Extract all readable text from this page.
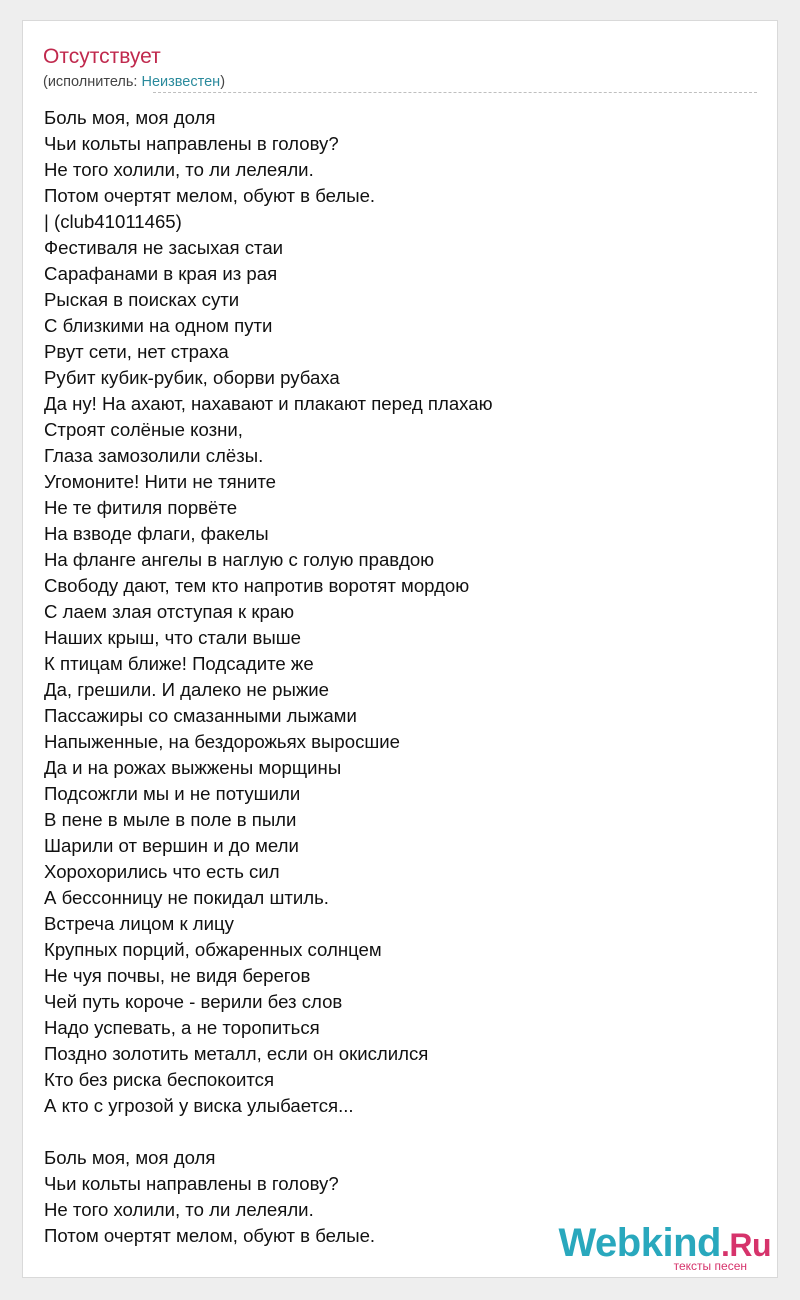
Отсутствует
(исполнитель: Неизвестен)
Боль моя, моя доля
Чьи кольты направлены в голову?
Не того холили, то ли лелеяли.
Потом очертят мелом, обуют в белые.
| (club41011465)
Фестиваля не засыхая стаи
Сарафанами в края из рая
Рыская в поисках сути
С близкими на одном пути
Рвут сети, нет страха
Рубит кубик-рубик, оборви рубаха
Да ну! На ахают, нахавают и плакают перед плахаю
Строят солёные козни,
Глаза замозолили слёзы.
Угомоните! Нити не тяните
Не те фитиля порвёте
На взводе флаги, факелы
На фланге ангелы в наглую с голую правдою
Свободу дают, тем кто напротив воротят мордою
С лаем злая отступая к краю
Наших крыш, что стали выше
К птицам ближе! Подсадите же
Да, грешили. И далеко не рыжие
Пассажиры со смазанными лыжами
Напыженные, на бездорожьях выросшие
Да и на рожах выжжены морщины
Подсожгли мы и не потушили
В пене в мыле в поле в пыли
Шарили от вершин и до мели
Хорохорились что есть сил
А бессонницу не покидал штиль.
Встреча лицом к лицу
Крупных порций, обжаренных солнцем
Не чуя почвы, не видя берегов
Чей путь короче - верили без слов
Надо успевать, а не торопиться
Поздно золотить металл, если он окислился
Кто без риска беспокоится
А кто с угрозой у виска улыбается...
Боль моя, моя доля
Чьи кольты направлены в голову?
Не того холили, то ли лелеяли.
Потом очертят мелом, обуют в белые.	Webkind.Ru
тексты песен
